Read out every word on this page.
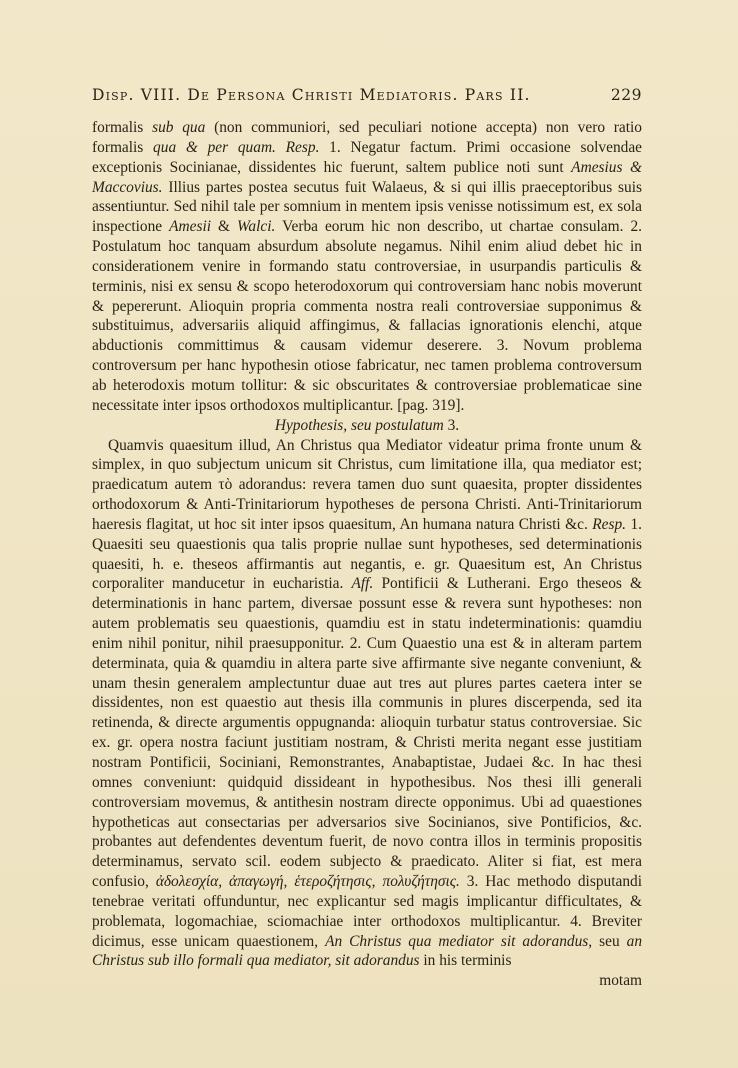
Disp. VIII. De Persona Christi Mediatoris. Pars II.	229

formalis sub qua (non communiori, sed peculiari notione accepta) non vero ratio formalis qua & per quam. Resp. 1. Negatur factum. Primi occasione solvendae exceptionis Socinianae, dissidentes hic fuerunt, saltem publice noti sunt Amesius & Maccovius. Illius partes postea secutus fuit Walaeus, & si qui illis praeceptoribus suis assentiuntur. Sed nihil tale per somnium in mentem ipsis venisse notissimum est, ex sola inspectione Amesii & Walci. Verba eorum hic non describo, ut chartae consulam. 2. Postulatum hoc tanquam absurdum absolute negamus. Nihil enim aliud debet hic in considerationem venire in formando statu controversiae, in usurpandis particulis & terminis, nisi ex sensu & scopo heterodoxorum qui controversiam hanc nobis moverunt & pepererunt. Alioquin propria commenta nostra reali controversiae supponimus & substituimus, adversariis aliquid affingimus, & fallacias ignorationis elenchi, atque abductionis committimus & causam videmur deserere. 3. Novum problema controversum per hanc hypothesin otiose fabricatur, nec tamen problema controversum ab heterodoxis motum tollitur: & sic obscuritates & controversiae problematicae sine necessitate inter ipsos orthodoxos multiplicantur. [pag. 319].

Hypothesis, seu postulatum 3.

Quamvis quaesitum illud, An Christus qua Mediator videatur prima fronte unum & simplex, in quo subjectum unicum sit Christus, cum limitatione illa, qua mediator est; praedicatum autem τὸ adorandus: revera tamen duo sunt quaesita, propter dissidentes orthodoxorum & Anti-Trinitariorum hypotheses de persona Christi. Anti-Trinitariorum haeresis flagitat, ut hoc sit inter ipsos quaesitum, An humana natura Christi &c. Resp. 1. Quaesiti seu quaestionis qua talis proprie nullae sunt hypotheses, sed determinationis quaesiti, h. e. theseos affirmantis aut negantis, e. gr. Quaesitum est, An Christus corporaliter manducetur in eucharistia. Aff. Pontificii & Lutherani. Ergo theseos & determinationis in hanc partem, diversae possunt esse & revera sunt hypotheses: non autem problematis seu quaestionis, quamdiu est in statu indeterminationis: quamdiu enim nihil ponitur, nihil praesupponitur. 2. Cum Quaestio una est & in alteram partem determinata, quia & quamdiu in altera parte sive affirmante sive negante conveniunt, & unam thesin generalem amplectuntur duae aut tres aut plures partes caetera inter se dissidentes, non est quaestio aut thesis illa communis in plures discerpenda, sed ita retinenda, & directe argumentis oppugnanda: alioquin turbatur status controversiae. Sic ex. gr. opera nostra faciunt justitiam nostram, & Christi merita negant esse justitiam nostram Pontificii, Sociniani, Remonstrantes, Anabaptistae, Judaei &c. In hac thesi omnes conveniunt: quidquid dissideant in hypothesibus. Nos thesi illi generali controversiam movemus, & antithesin nostram directe opponimus. Ubi ad quaestiones hypotheticas aut consectarias per adversarios sive Socinianos, sive Pontificios, &c. probantes aut defendentes deventum fuerit, de novo contra illos in terminis propositis determinamus, servato scil. eodem subjecto & praedicato. Aliter si fiat, est mera confusio, ἀδολεσχία, ἀπαγωγή, ἑτεροζήτησις, πολυζήτησις. 3. Hac methodo disputandi tenebrae veritati offunduntur, nec explicantur sed magis implicantur difficultates, & problemata, logomachiae, sciomachiae inter orthodoxos multiplicantur. 4. Breviter dicimus, esse unicam quaestionem, An Christus qua mediator sit adorandus, seu an Christus sub illo formali qua mediator, sit adorandus in his terminis

motam
